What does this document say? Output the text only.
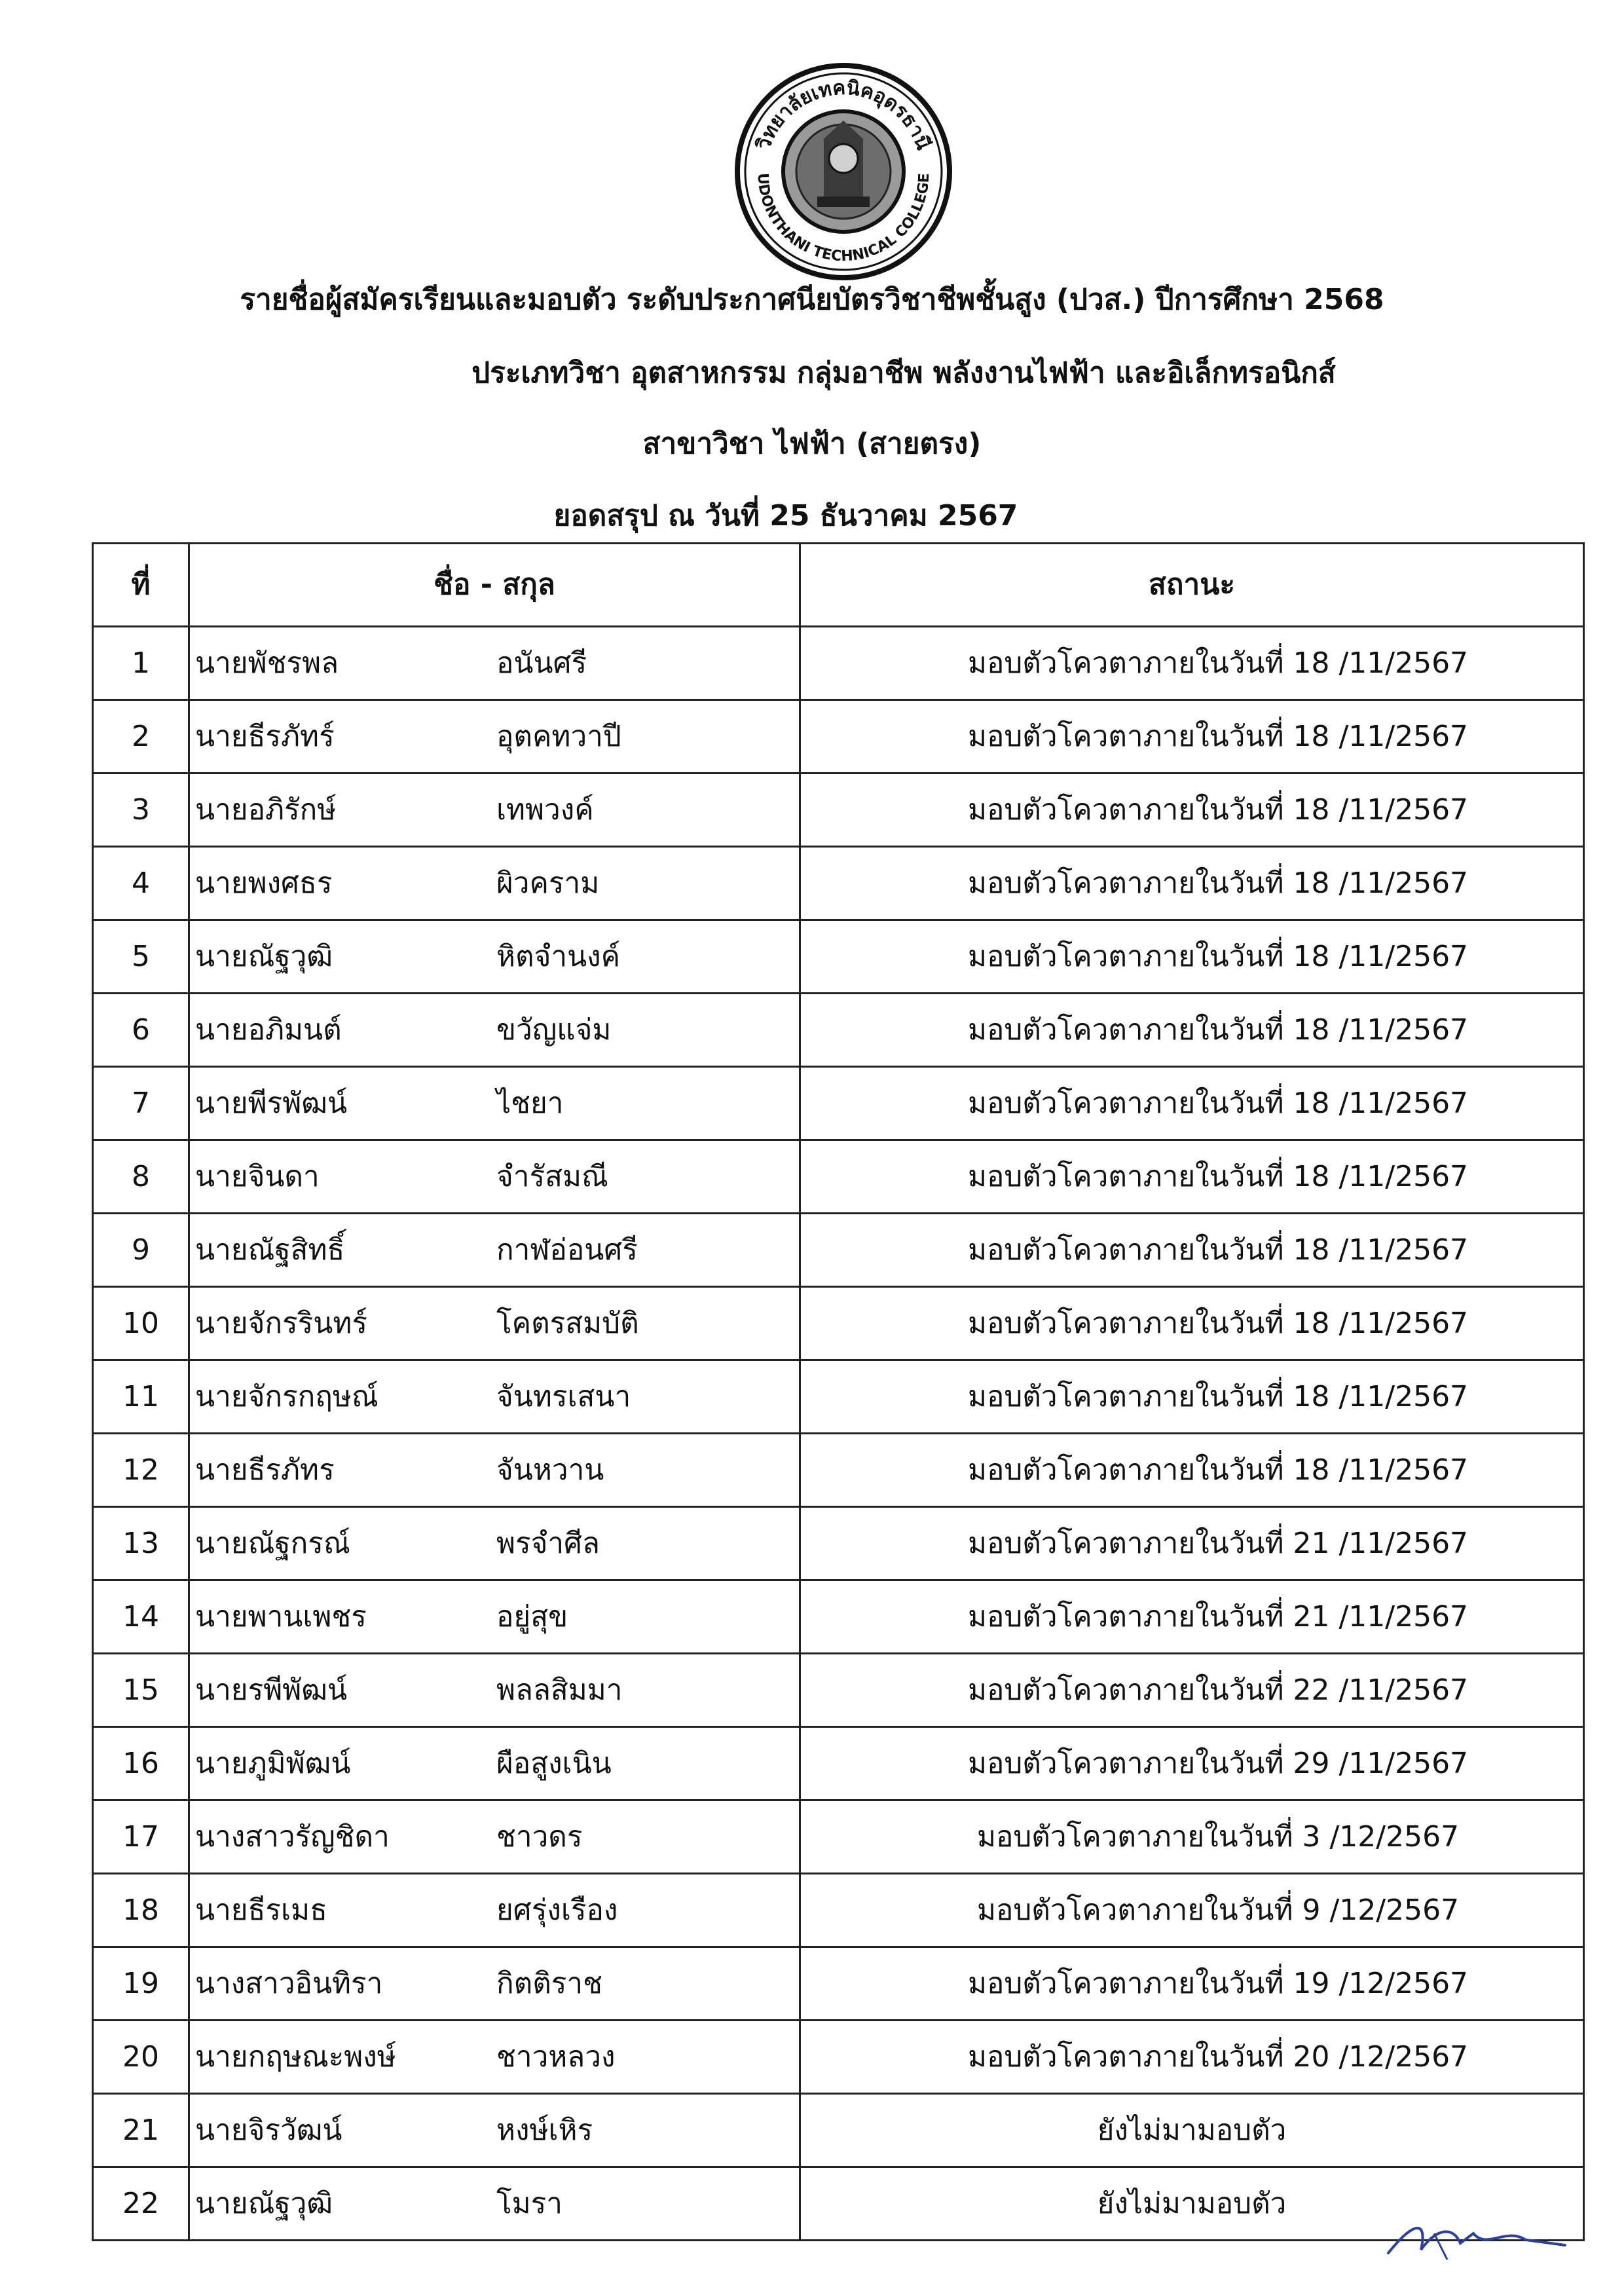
วิทยาลัยเทคนิคอุดรธานี
UDONTHANI TECHNICAL COLLEGE
รายชื่อผู้สมัครเรียนและมอบตัว ระดับประกาศนียบัตรวิชาชีพชั้นสูง (ปวส.) ปีการศึกษา 2568
ประเภทวิชา อุตสาหกรรม กลุ่มอาชีพ พลังงานไฟฟ้า และอิเล็กทรอนิกส์
สาขาวิชา ไฟฟ้า (สายตรง)
ยอดสรุป ณ วันที่ 25 ธันวาคม 2567
ที่	ชื่อ - สกุล	สถานะ
1	นายพัชรพล อนันศรี	มอบตัวโควตาภายในวันที่ 18 /11/2567
2	นายธีรภัทร์ อุตคทวาปี	มอบตัวโควตาภายในวันที่ 18 /11/2567
3	นายอภิรักษ์ เทพวงค์	มอบตัวโควตาภายในวันที่ 18 /11/2567
4	นายพงศธร ผิวคราม	มอบตัวโควตาภายในวันที่ 18 /11/2567
5	นายณัฐวุฒิ หิตจำนงค์	มอบตัวโควตาภายในวันที่ 18 /11/2567
6	นายอภิมนต์ ขวัญแจ่ม	มอบตัวโควตาภายในวันที่ 18 /11/2567
7	นายพีรพัฒน์ ไชยา	มอบตัวโควตาภายในวันที่ 18 /11/2567
8	นายจินดา จำรัสมณี	มอบตัวโควตาภายในวันที่ 18 /11/2567
9	นายณัฐสิทธิ์ กาฬอ่อนศรี	มอบตัวโควตาภายในวันที่ 18 /11/2567
10	นายจักรรินทร์ โคตรสมบัติ	มอบตัวโควตาภายในวันที่ 18 /11/2567
11	นายจักรกฤษณ์ จันทรเสนา	มอบตัวโควตาภายในวันที่ 18 /11/2567
12	นายธีรภัทร จันหวาน	มอบตัวโควตาภายในวันที่ 18 /11/2567
13	นายณัฐกรณ์ พรจำศีล	มอบตัวโควตาภายในวันที่ 21 /11/2567
14	นายพานเพชร อยู่สุข	มอบตัวโควตาภายในวันที่ 21 /11/2567
15	นายรพีพัฒน์ พลลสิมมา	มอบตัวโควตาภายในวันที่ 22 /11/2567
16	นายภูมิพัฒน์ ผือสูงเนิน	มอบตัวโควตาภายในวันที่ 29 /11/2567
17	นางสาวรัญชิดา ชาวดร	มอบตัวโควตาภายในวันที่ 3 /12/2567
18	นายธีรเมธ ยศรุ่งเรือง	มอบตัวโควตาภายในวันที่ 9 /12/2567
19	นางสาวอินทิรา กิตติราช	มอบตัวโควตาภายในวันที่ 19 /12/2567
20	นายกฤษณะพงษ์ ชาวหลวง	มอบตัวโควตาภายในวันที่ 20 /12/2567
21	นายจิรวัฒน์ หงษ์เหิร	ยังไม่มามอบตัว
22	นายณัฐวุฒิ โมรา	ยังไม่มามอบตัว
